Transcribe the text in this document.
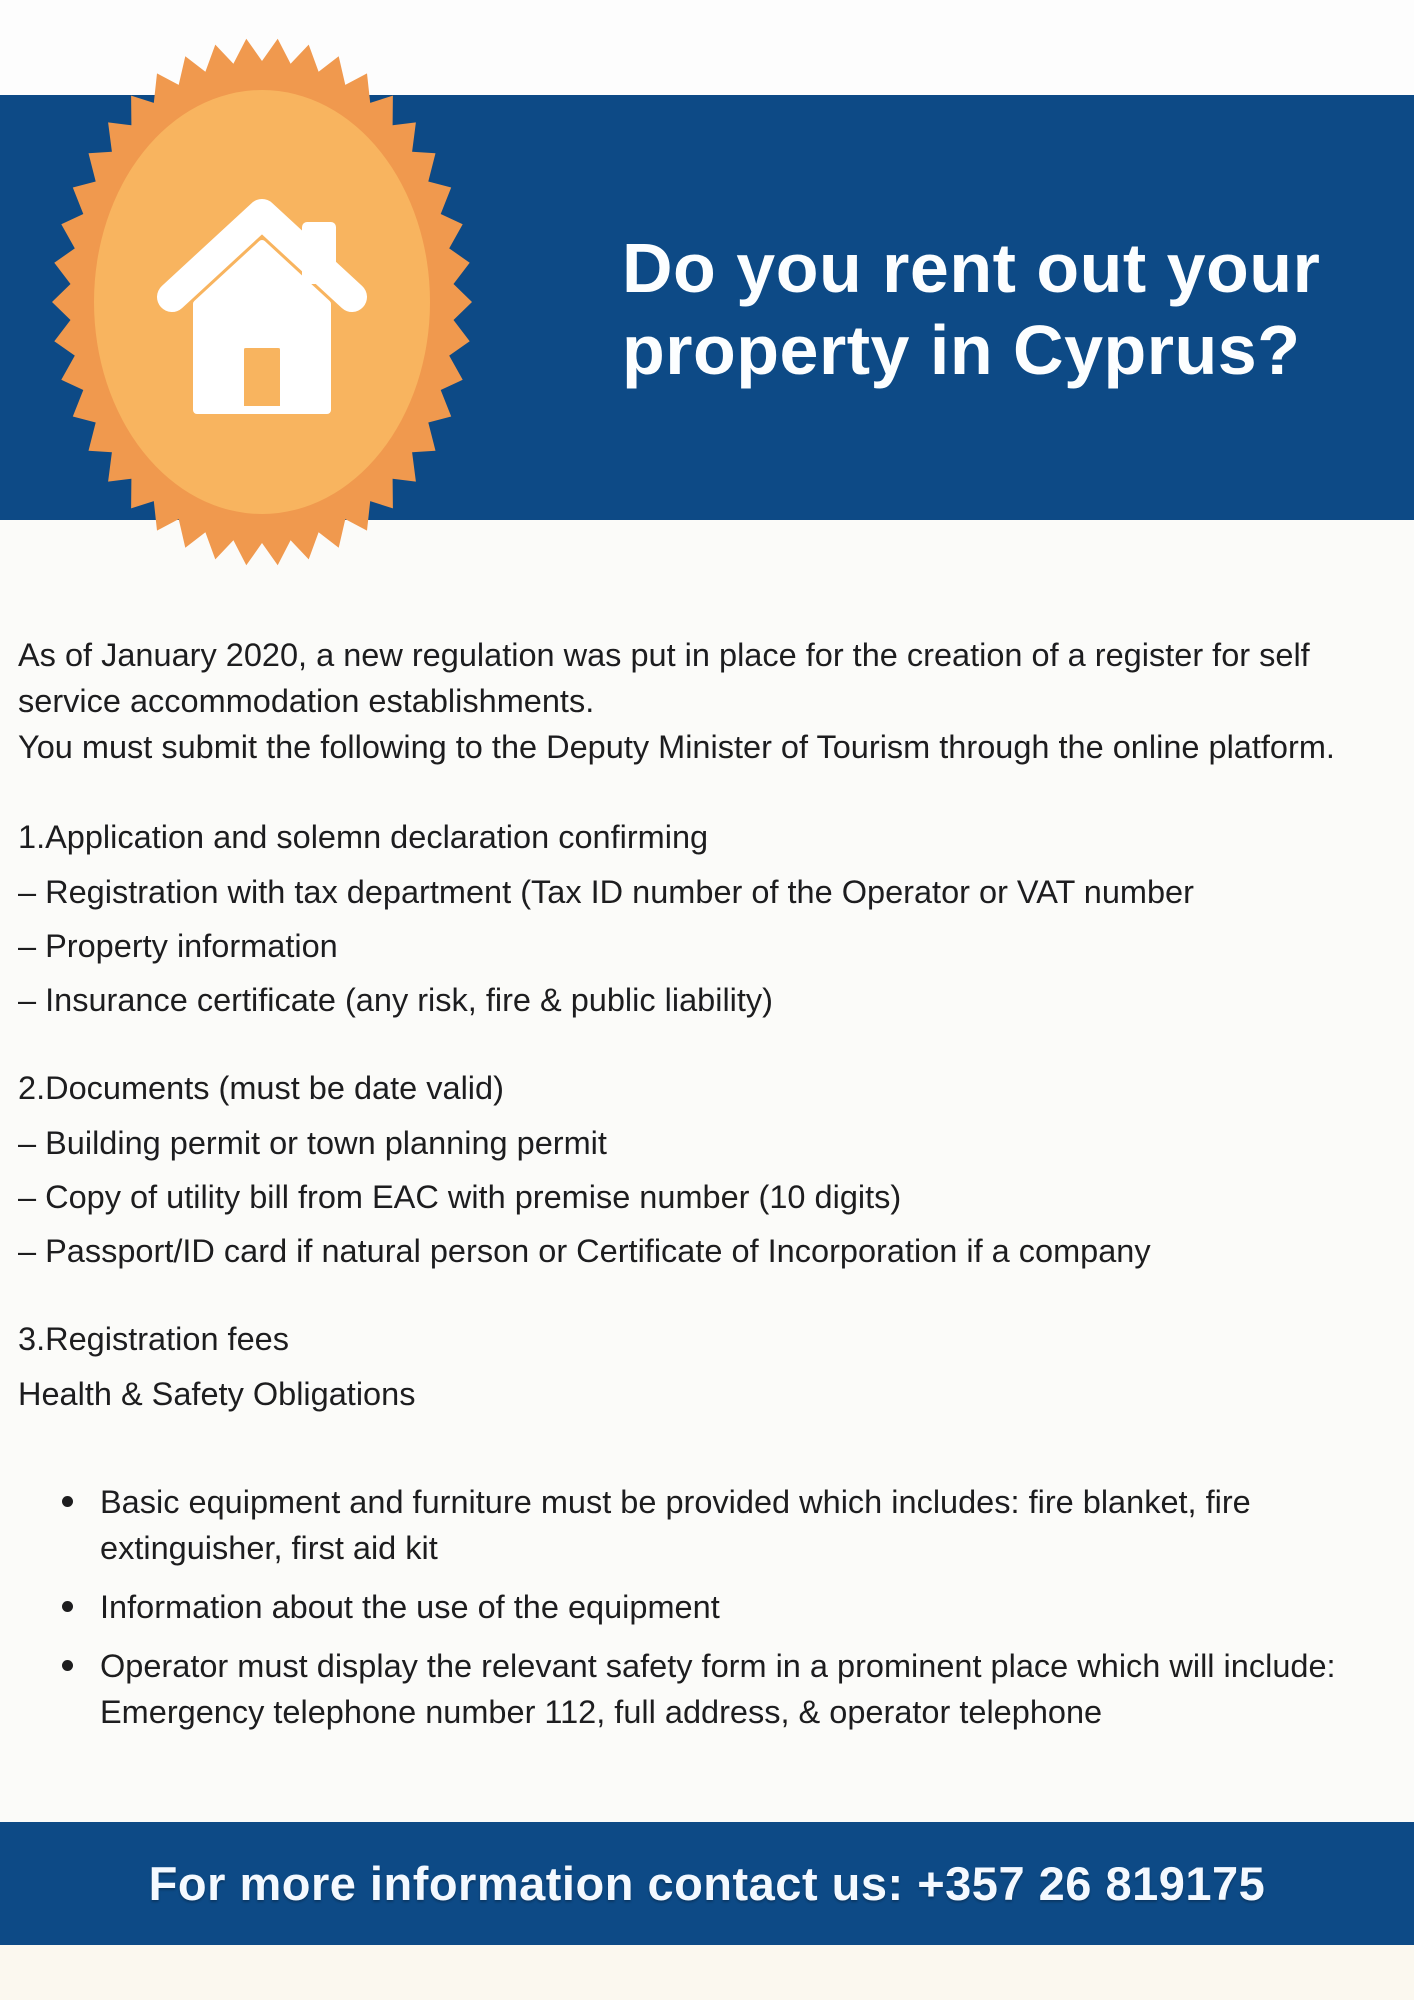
Do you rent out your property in Cyprus?

As of January 2020, a new regulation was put in place for the creation of a register for self service accommodation establishments.

You must submit the following to the Deputy Minister of Tourism through the online platform.

1.Application and solemn declaration confirming

– Registration with tax department (Tax ID number of the Operator or VAT number

– Property information

– Insurance certificate (any risk, fire & public liability)

2.Documents (must be date valid)

– Building permit or town planning permit

– Copy of utility bill from EAC with premise number (10 digits)

– Passport/ID card if natural person or Certificate of Incorporation if a company

3.Registration fees

Health & Safety Obligations

Basic equipment and furniture must be provided which includes: fire blanket, fire extinguisher, first aid kit
Information about the use of the equipment
Operator must display the relevant safety form in a prominent place which will include: Emergency telephone number 112, full address, & operator telephone
For more information contact us: +357 26 819175
